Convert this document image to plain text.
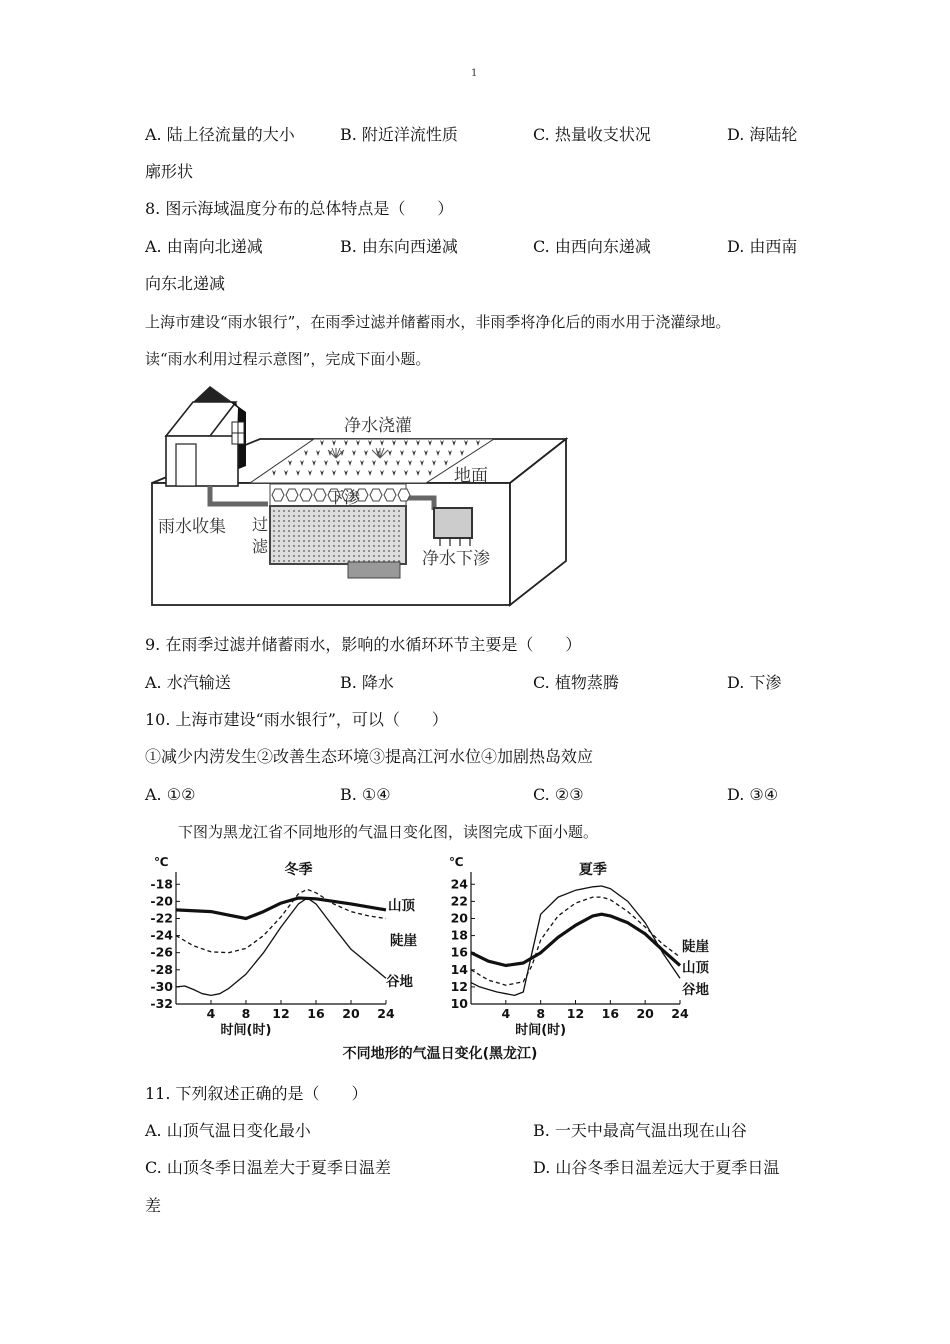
1
A. 陆上径流量的大小	B. 附近洋流性质	C. 热量收支状况	D. 海陆轮
廓形状
8. 图示海域温度分布的总体特点是（　　）
A. 由南向北递减	B. 由东向西递减	C. 由西向东递减	D. 由西南
向东北递减
上海市建设“雨水银行”，在雨季过滤并储蓄雨水，非雨季将净化后的雨水用于浇灌绿地。
读“雨水利用过程示意图”，完成下面小题。
净水浇灌
地面
下渗
雨水收集 过
滤
净水下渗
9. 在雨季过滤并储蓄雨水，影响的水循环环节主要是（　　）
A. 水汽输送	B. 降水	C. 植物蒸腾	D. 下渗
10. 上海市建设“雨水银行”，可以（　　）
①减少内涝发生②改善生态环境③提高江河水位④加剧热岛效应
A. ①②	B. ①④	C. ②③	D. ③④
下图为黑龙江省不同地形的气温日变化图，读图完成下面小题。
不同地形的气温日变化(黑龙江)
-18
-20
-22
-24
-26
-28
-30
-32
4 8 12 16 20 24
℃
时间(时)
冬季
山顶
陡崖
谷地
24
22
20
18
16
14
12
10
4 8 12 16 20 24
℃
时间(时)
夏季
山顶
陡崖
谷地
11. 下列叙述正确的是（　　）
A. 山顶气温日变化最小	B. 一天中最高气温出现在山谷
C. 山顶冬季日温差大于夏季日温差	D. 山谷冬季日温差远大于夏季日温
差
